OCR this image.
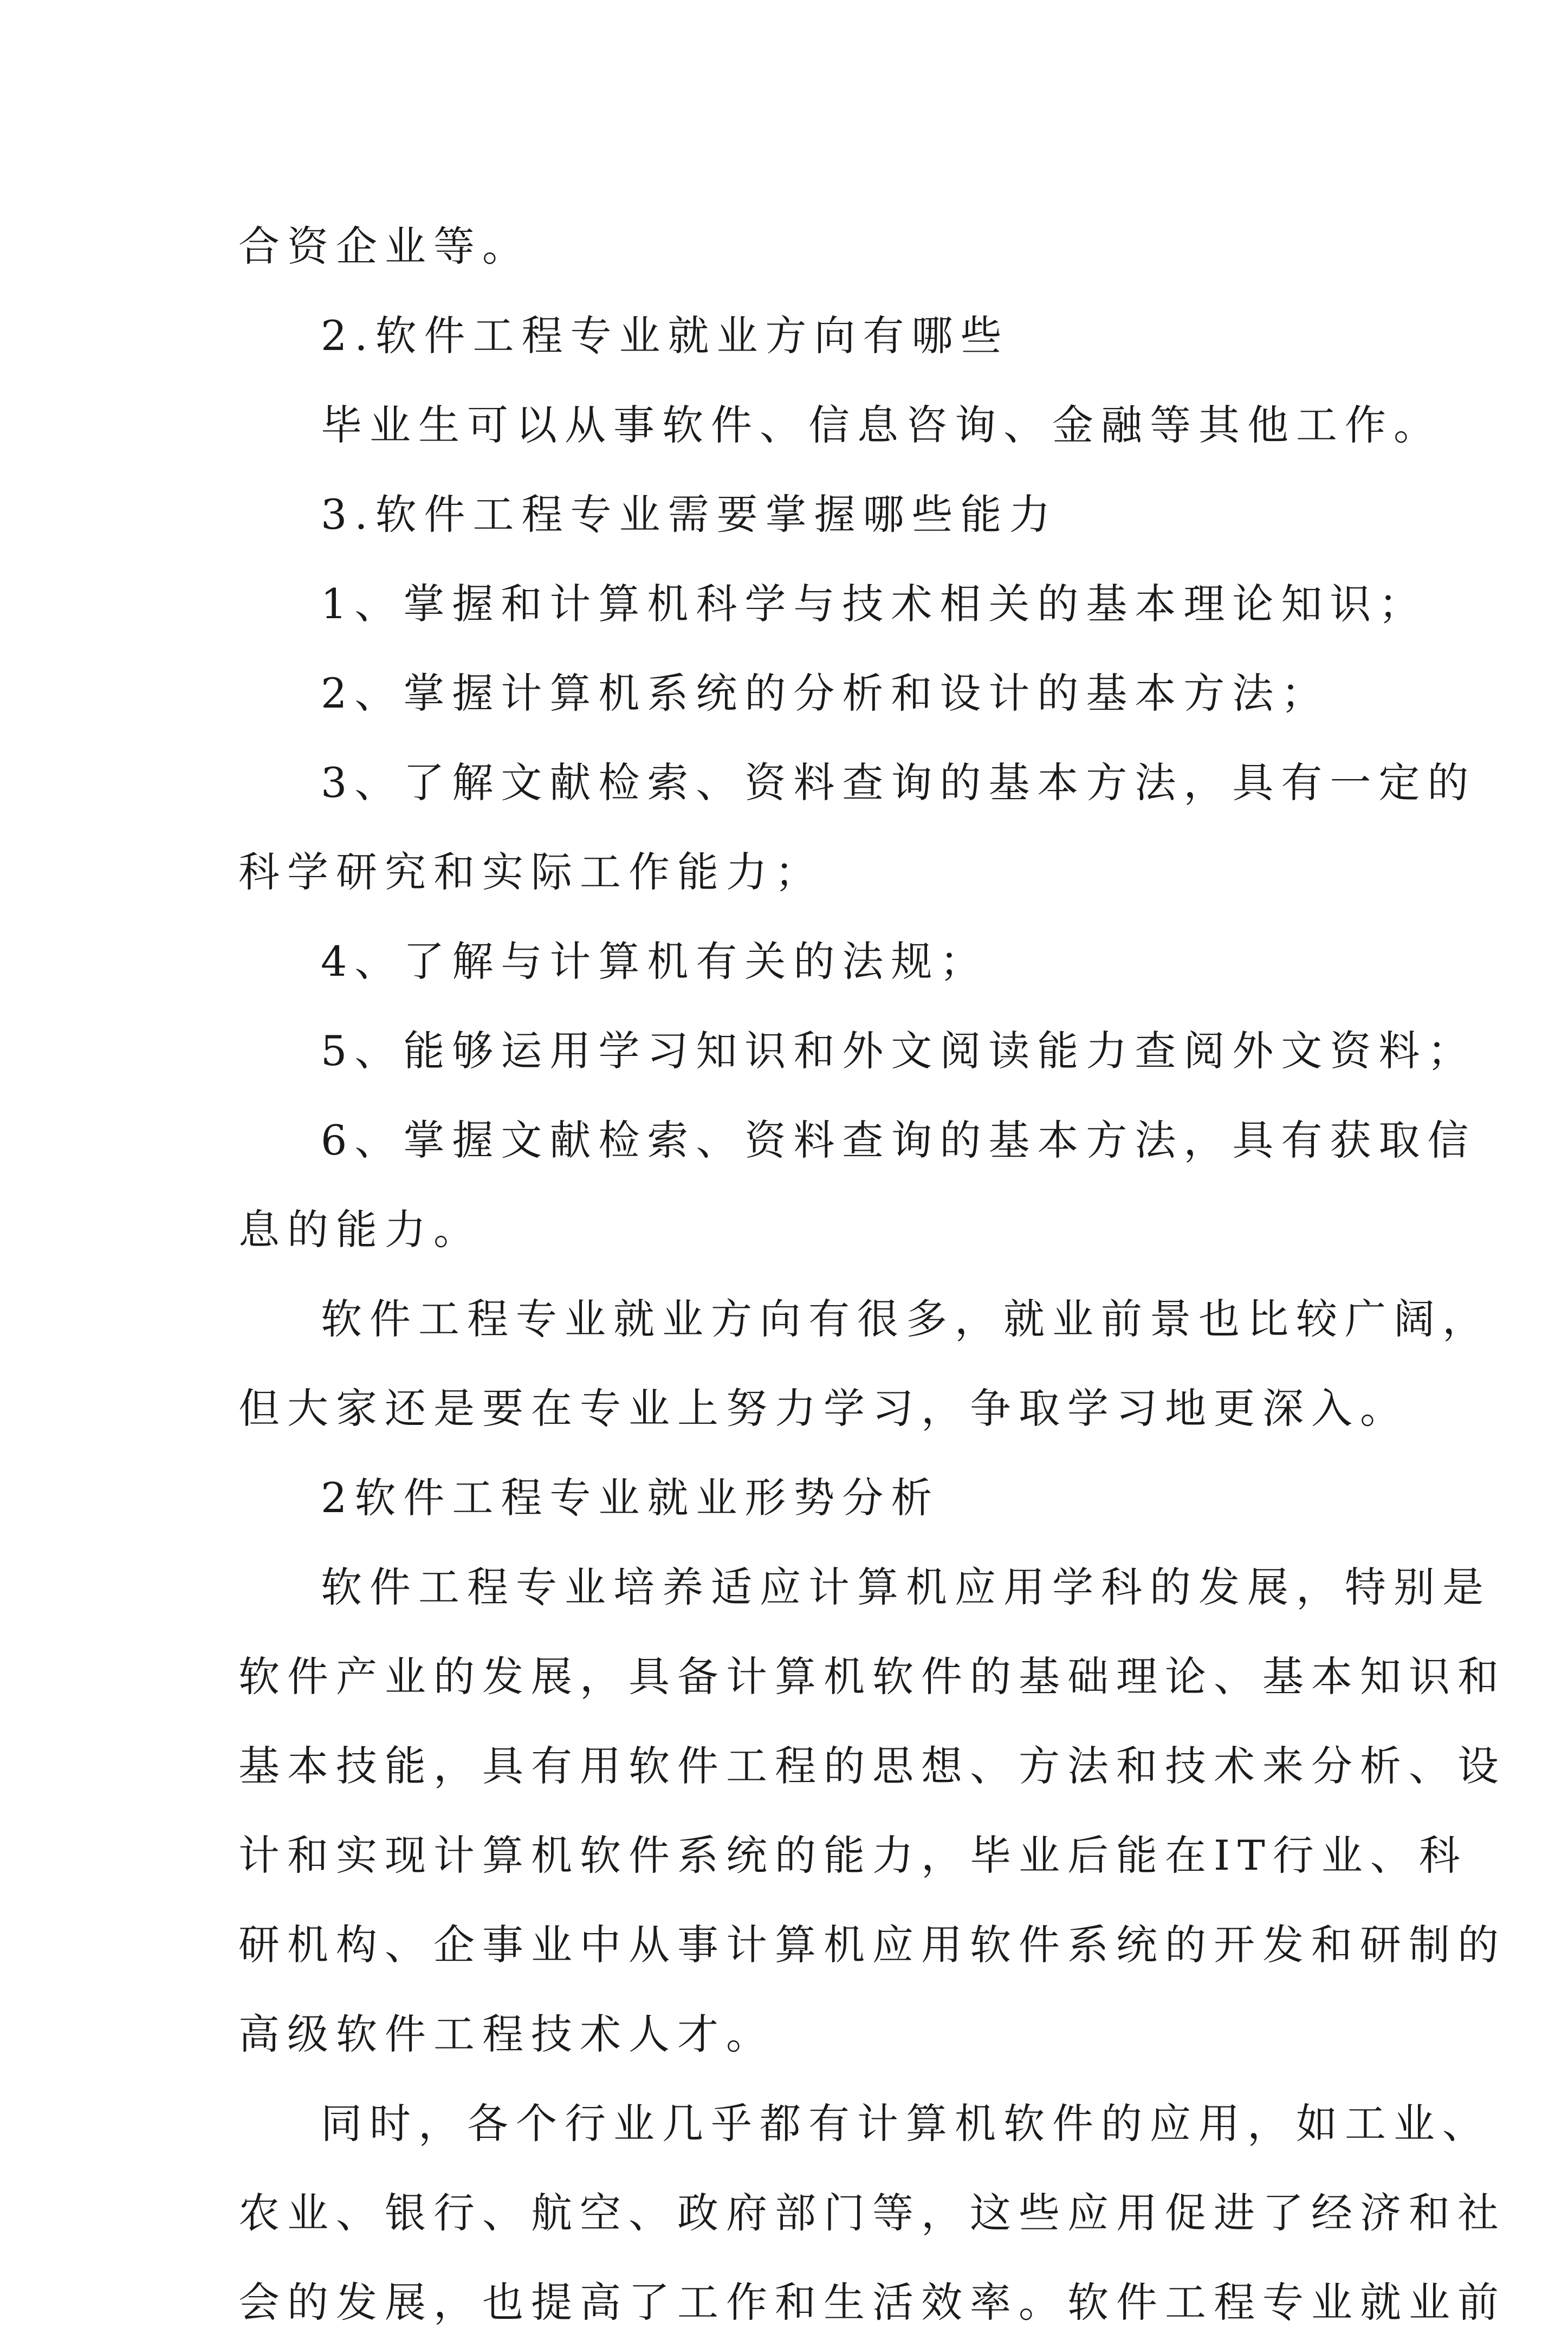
合资企业等。
2.软件工程专业就业方向有哪些
毕业生可以从事软件、信息咨询、金融等其他工作。
3.软件工程专业需要掌握哪些能力
1、掌握和计算机科学与技术相关的基本理论知识；
2、掌握计算机系统的分析和设计的基本方法；
3、了解文献检索、资料查询的基本方法，具有一定的
科学研究和实际工作能力；
4、了解与计算机有关的法规；
5、能够运用学习知识和外文阅读能力查阅外文资料；
6、掌握文献检索、资料查询的基本方法，具有获取信
息的能力。
软件工程专业就业方向有很多，就业前景也比较广阔，
但大家还是要在专业上努力学习，争取学习地更深入。
2软件工程专业就业形势分析
软件工程专业培养适应计算机应用学科的发展，特别是
软件产业的发展，具备计算机软件的基础理论、基本知识和
基本技能，具有用软件工程的思想、方法和技术来分析、设
计和实现计算机软件系统的能力，毕业后能在IT行业、科
研机构、企事业中从事计算机应用软件系统的开发和研制的
高级软件工程技术人才。
同时，各个行业几乎都有计算机软件的应用，如工业、
农业、银行、航空、政府部门等，这些应用促进了经济和社
会的发展，也提高了工作和生活效率。软件工程专业就业前
